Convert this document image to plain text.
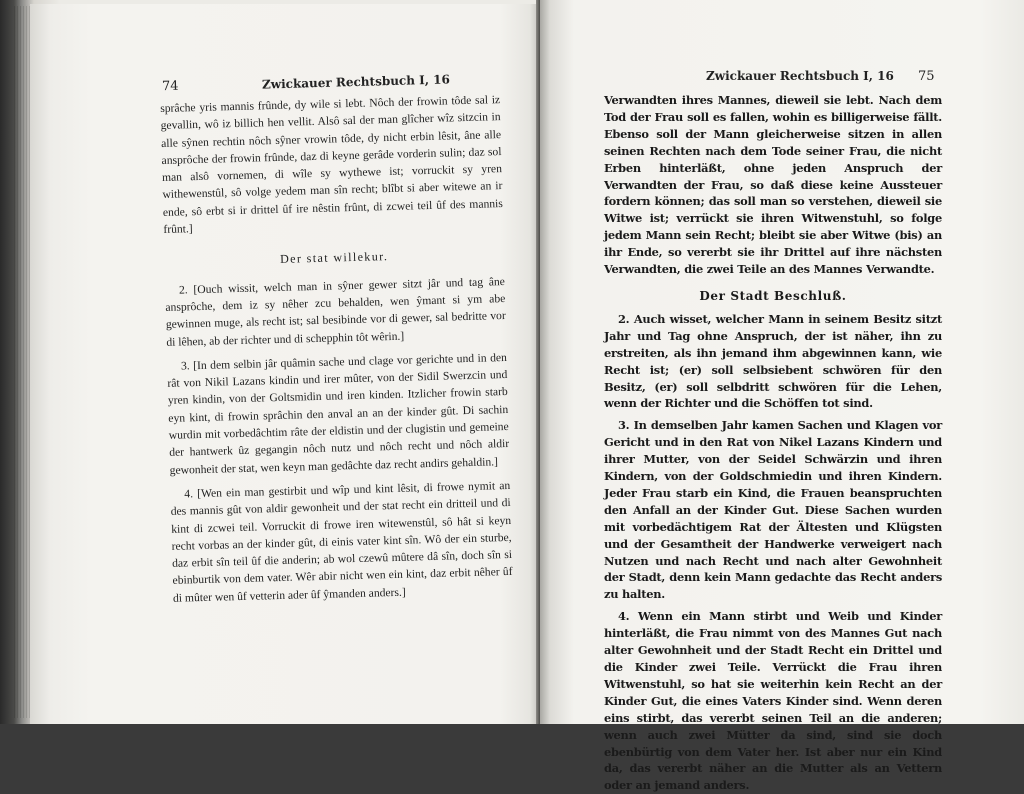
74	Zwickauer Rechtsbuch I, 16

sprâche yris mannis frûnde, dy wile si lebt. Nôch der frowin tôde sal iz gevallin, wô iz billich hen vellit. Alsô sal der man glîcher wîz sitzcin in alle sŷnen rechtin nôch sŷner vrowin tôde, dy nicht erbin lêsit, âne alle ansprôche der frowin frûnde, daz di keyne gerâde vorderin sulin; daz sol man alsô vornemen, di wîle sy wythewe ist; vorruckit sy yren withewenstûl, sô volge yedem man sîn recht; blîbt si aber witewe an ir ende, sô erbt si ir drittel ûf ire nêstin frûnt, di zcwei teil ûf des mannis frûnt.]

Der stat willekur.

2. [Ouch wissit, welch man in sŷner gewer sitzt jâr und tag âne ansprôche, dem iz sy nêher zcu behalden, wen ŷmant si ym abe gewinnen muge, als recht ist; sal besibinde vor di gewer, sal bedritte vor di lêhen, ab der richter und di schepphin tôt wêrin.]

3. [In dem selbin jâr quâmin sache und clage vor gerichte und in den rât von Nikil Lazans kindin und irer mûter, von der Sidil Swerzcin und yren kindin, von der Goltsmidin und iren kinden. Itzlicher frowin starb eyn kint, di frowin sprâchin den anval an an der kinder gût. Di sachin wurdin mit vorbedâchtim râte der eldistin und der clugistin und gemeine der hantwerk ûz gegangin nôch nutz und nôch recht und nôch aldir gewonheit der stat, wen keyn man gedâchte daz recht andirs gehaldin.]

4. [Wen ein man gestirbit und wîp und kint lêsit, di frowe nymit an des mannis gût von aldir gewonheit und der stat recht ein dritteil und di kint di zcwei teil. Vorruckit di frowe iren witewenstûl, sô hât si keyn recht vorbas an der kinder gût, di einis vater kint sîn. Wô der ein sturbe, daz erbit sîn teil ûf die anderin; ab wol czewû mûtere dâ sîn, doch sîn si ebinburtik von dem vater. Wêr abir nicht wen ein kint, daz erbit nêher ûf di mûter wen ûf vetterin ader ûf ŷmanden anders.]

Zwickauer Rechtsbuch I, 16 75

Verwandten ihres Mannes, dieweil sie lebt. Nach dem Tod der Frau soll es fallen, wohin es billigerweise fällt. Ebenso soll der Mann gleicherweise sitzen in allen seinen Rechten nach dem Tode seiner Frau, die nicht Erben hinterläßt, ohne jeden Anspruch der Verwandten der Frau, so daß diese keine Aussteuer fordern können; das soll man so verstehen, dieweil sie Witwe ist; verrückt sie ihren Witwenstuhl, so folge jedem Mann sein Recht; bleibt sie aber Witwe (bis) an ihr Ende, so vererbt sie ihr Drittel auf ihre nächsten Verwandten, die zwei Teile an des Mannes Verwandte.

Der Stadt Beschluß.

2. Auch wisset, welcher Mann in seinem Besitz sitzt Jahr und Tag ohne Anspruch, der ist näher, ihn zu erstreiten, als ihn jemand ihm abgewinnen kann, wie Recht ist; (er) soll selbsiebent schwören für den Besitz, (er) soll selbdritt schwören für die Lehen, wenn der Richter und die Schöffen tot sind.

3. In demselben Jahr kamen Sachen und Klagen vor Gericht und in den Rat von Nikel Lazans Kindern und ihrer Mutter, von der Seidel Schwärzin und ihren Kindern, von der Goldschmiedin und ihren Kindern. Jeder Frau starb ein Kind, die Frauen beanspruchten den Anfall an der Kinder Gut. Diese Sachen wurden mit vorbedächtigem Rat der Ältesten und Klügsten und der Gesamtheit der Handwerke verweigert nach Nutzen und nach Recht und nach alter Gewohnheit der Stadt, denn kein Mann gedachte das Recht anders zu halten.

4. Wenn ein Mann stirbt und Weib und Kinder hinterläßt, die Frau nimmt von des Mannes Gut nach alter Gewohnheit und der Stadt Recht ein Drittel und die Kinder zwei Teile. Verrückt die Frau ihren Witwenstuhl, so hat sie weiterhin kein Recht an der Kinder Gut, die eines Vaters Kinder sind. Wenn deren eins stirbt, das vererbt seinen Teil an die anderen; wenn auch zwei Mütter da sind, sind sie doch ebenbürtig von dem Vater her. Ist aber nur ein Kind da, das vererbt näher an die Mutter als an Vettern oder an jemand anders.
